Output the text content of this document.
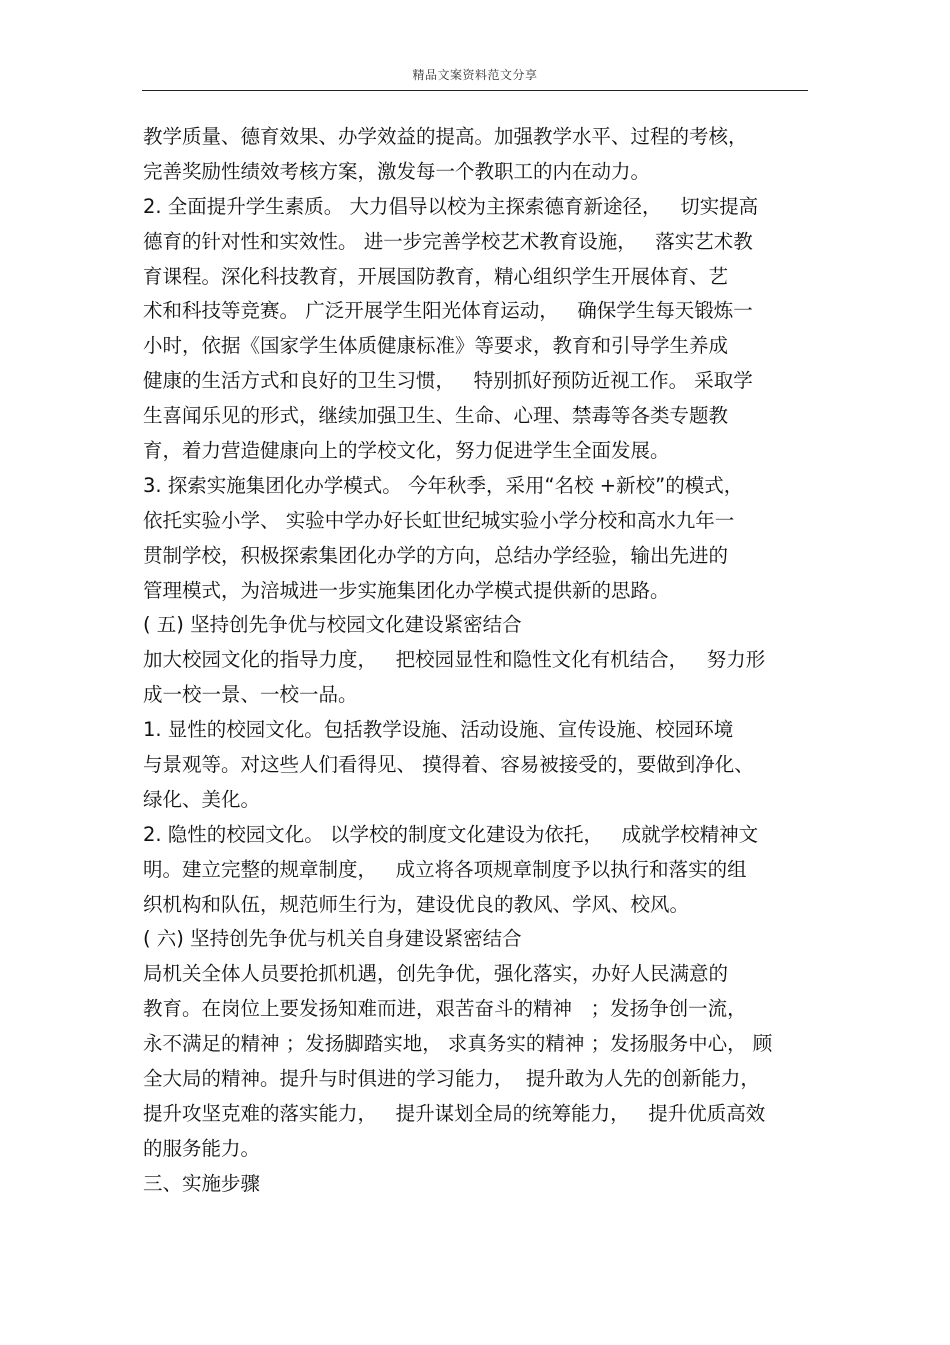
精品文案资料范文分享
教学质量、德育效果、办学效益的提高。加强教学水平、过程的考核，
完善奖励性绩效考核方案，激发每一个教职工的内在动力。
2. 全面提升学生素质。 大力倡导以校为主探索德育新途径，   切实提高
德育的针对性和实效性。 进一步完善学校艺术教育设施，   落实艺术教
育课程。深化科技教育，开展国防教育，精心组织学生开展体育、艺
术和科技等竞赛。 广泛开展学生阳光体育运动，   确保学生每天锻炼一
小时，依据《国家学生体质健康标准》等要求，教育和引导学生养成
健康的生活方式和良好的卫生习惯，   特别抓好预防近视工作。 采取学
生喜闻乐见的形式，继续加强卫生、生命、心理、禁毒等各类专题教
育，着力营造健康向上的学校文化，努力促进学生全面发展。
3. 探索实施集团化办学模式。 今年秋季，采用“名校 +新校”的模式，
依托实验小学、 实验中学办好长虹世纪城实验小学分校和高水九年一
贯制学校，积极探索集团化办学的方向，总结办学经验，输出先进的
管理模式，为涪城进一步实施集团化办学模式提供新的思路。
( 五) 坚持创先争优与校园文化建设紧密结合
加大校园文化的指导力度，   把校园显性和隐性文化有机结合，   努力形
成一校一景、一校一品。
1. 显性的校园文化。包括教学设施、活动设施、宣传设施、校园环境
与景观等。对这些人们看得见、 摸得着、容易被接受的，要做到净化、
绿化、美化。
2. 隐性的校园文化。 以学校的制度文化建设为依托，   成就学校精神文
明。建立完整的规章制度，   成立将各项规章制度予以执行和落实的组
织机构和队伍，规范师生行为，建设优良的教风、学风、校风。
( 六) 坚持创先争优与机关自身建设紧密结合
局机关全体人员要抢抓机遇，创先争优，强化落实，办好人民满意的
教育。在岗位上要发扬知难而进，艰苦奋斗的精神   ；发扬争创一流，
永不满足的精神 ；发扬脚踏实地， 求真务实的精神 ；发扬服务中心， 顾
全大局的精神。提升与时俱进的学习能力，  提升敢为人先的创新能力，
提升攻坚克难的落实能力，   提升谋划全局的统筹能力，   提升优质高效
的服务能力。
三、实施步骤
